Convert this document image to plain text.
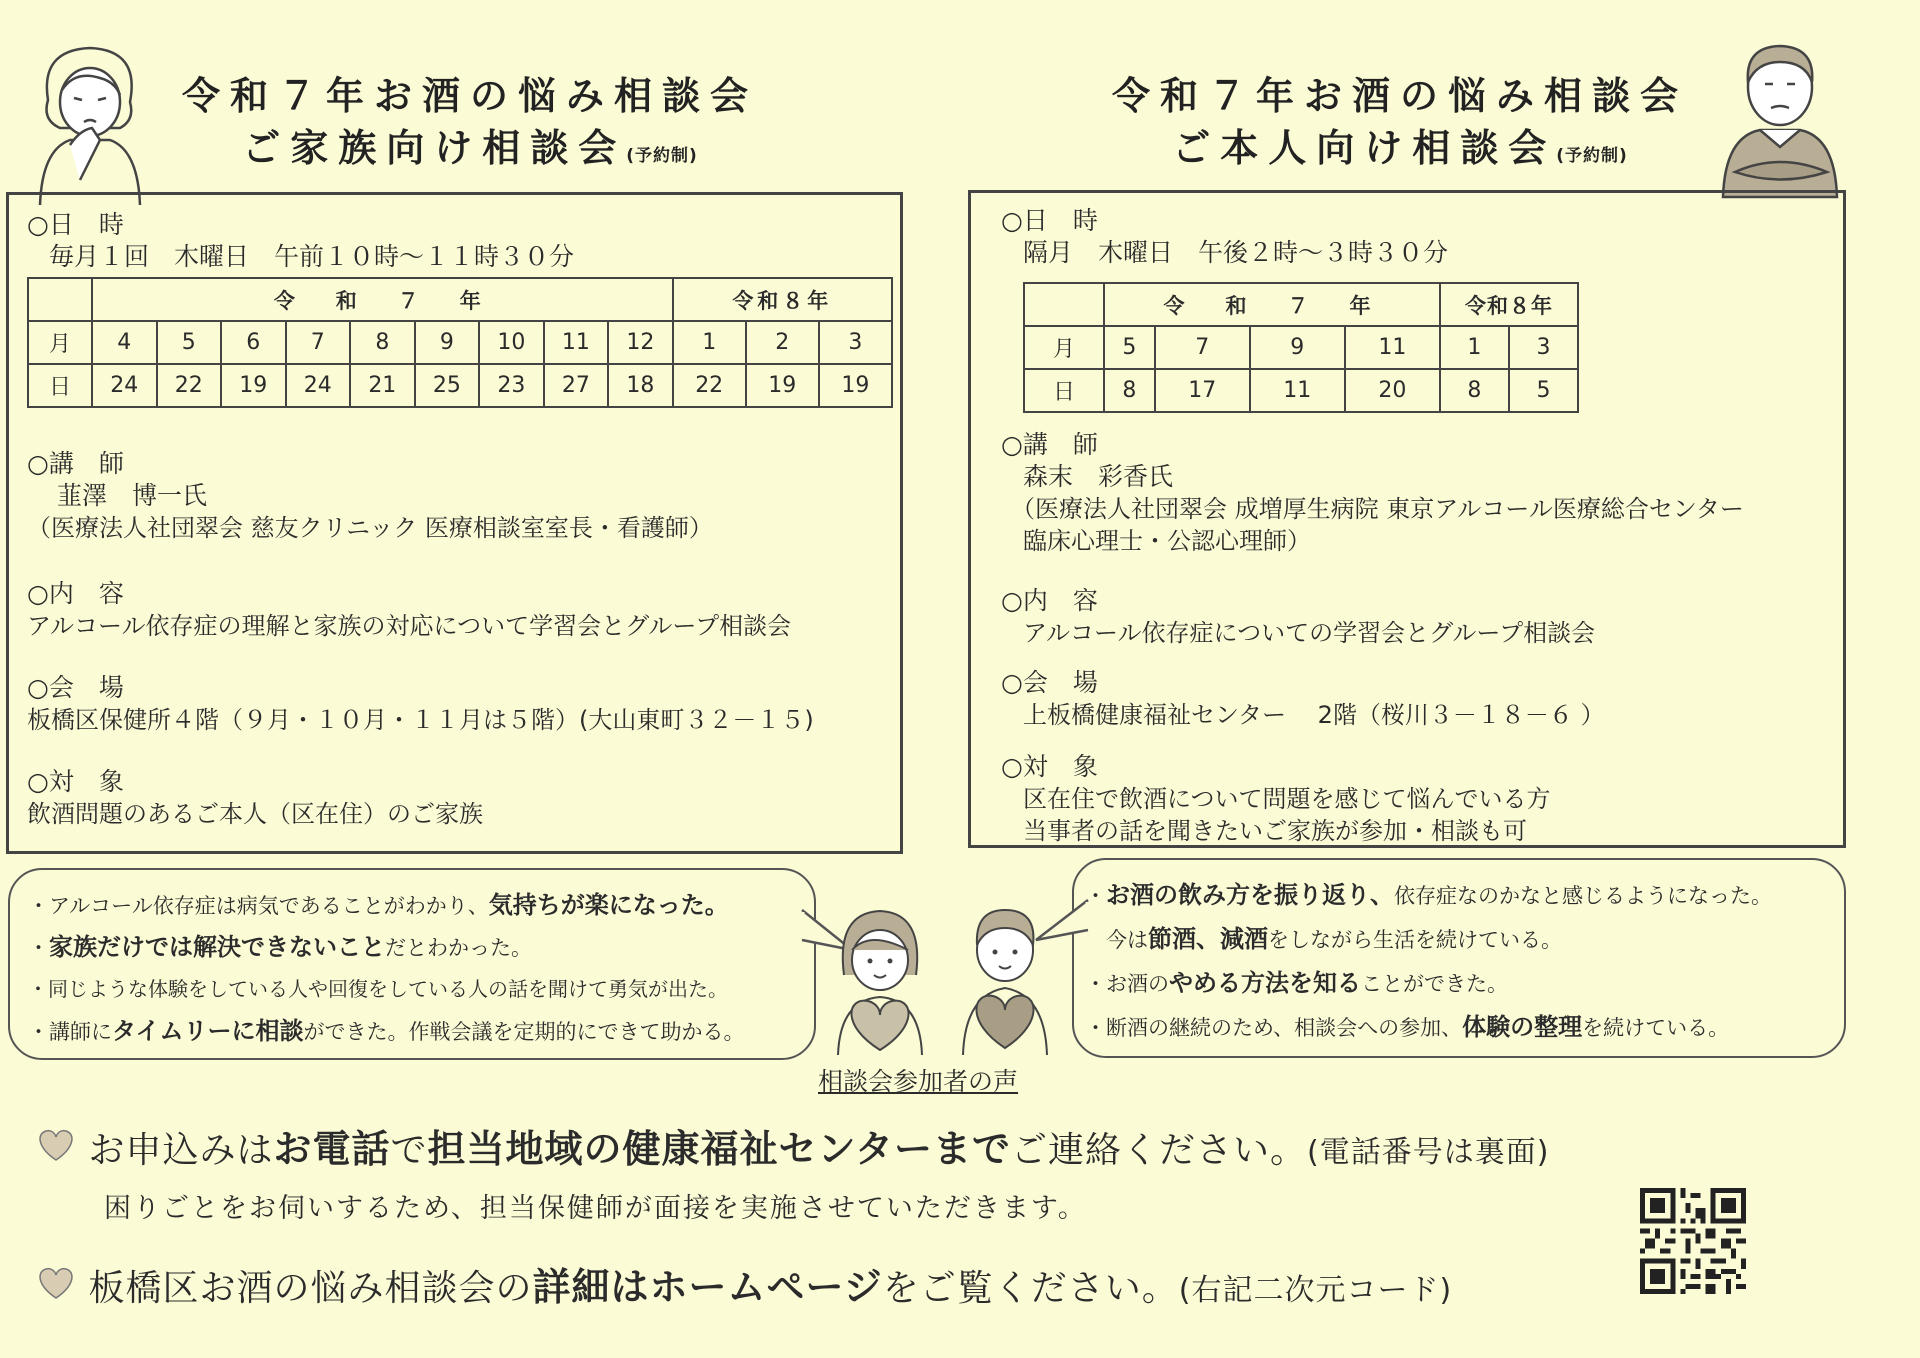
令和７年お酒の悩み相談会
ご家族向け相談会(予約制)
令和７年お酒の悩み相談会
ご本人向け相談会(予約制)
○日　時
毎月１回　木曜日　午前１０時～１１時３０分
	令　和　７　年									令和８年		
月	4	5	6	7	8	9	10	11	12	1	2	3
日	24	22	19	24	21	25	23	27	18	22	19	19
○講　師
韮澤　博一氏
（医療法人社団翠会 慈友クリニック 医療相談室室長・看護師）
○内　容
アルコール依存症の理解と家族の対応について学習会とグループ相談会
○会　場
板橋区保健所４階（９月・１０月・１１月は５階）(大山東町３２－１５)
○対　象
飲酒問題のあるご本人（区在住）のご家族
○日　時
隔月　木曜日　午後２時～３時３０分
	令　和　７　年				令和８年	
月	5	7	9	11	1	3
日	8	17	11	20	8	5
○講　師
森末　彩香氏
（医療法人社団翠会 成増厚生病院 東京アルコール医療総合センター
臨床心理士・公認心理師）
○内　容
アルコール依存症についての学習会とグループ相談会
○会　場
上板橋健康福祉センター　 2階（桜川３－１８－６ ）
○対　象
区在住で飲酒について問題を感じて悩んでいる方
当事者の話を聞きたいご家族が参加・相談も可
・アルコール依存症は病気であることがわかり、気持ちが楽になった。
・家族だけでは解決できないことだとわかった。
・同じような体験をしている人や回復をしている人の話を聞けて勇気が出た。
・講師にタイムリーに相談ができた。作戦会議を定期的にできて助かる。
・お酒の飲み方を振り返り、依存症なのかなと感じるようになった。
　今は節酒、減酒をしながら生活を続けている。
・お酒のやめる方法を知ることができた。
・断酒の継続のため、相談会への参加、体験の整理を続けている。
相談会参加者の声
お申込みはお電話で担当地域の健康福祉センターまでご連絡ください。(電話番号は裏面)
困りごとをお伺いするため、担当保健師が面接を実施させていただきます。
板橋区お酒の悩み相談会の詳細はホームページをご覧ください。(右記二次元コード)
